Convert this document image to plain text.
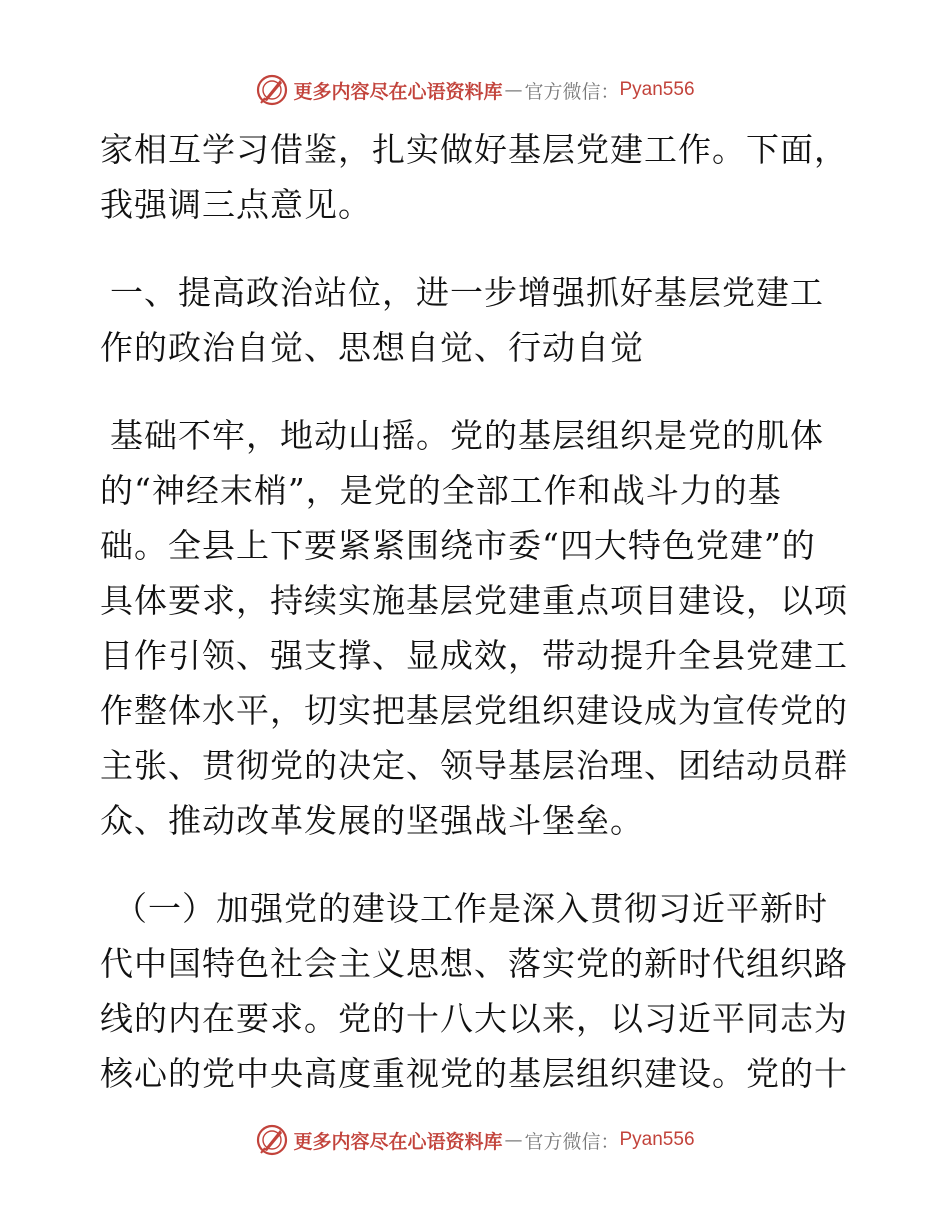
更多内容尽在心语资料库 — 官方微信： Pyan556
家相互学习借鉴，扎实做好基层党建工作。下面，
我强调三点意见。
一、提高政治站位，进一步增强抓好基层党建工
作的政治自觉、思想自觉、行动自觉
基础不牢，地动山摇。党的基层组织是党的肌体
的“神经末梢”，是党的全部工作和战斗力的基
础。全县上下要紧紧围绕市委“四大特色党建”的
具体要求，持续实施基层党建重点项目建设，以项
目作引领、强支撑、显成效，带动提升全县党建工
作整体水平，切实把基层党组织建设成为宣传党的
主张、贯彻党的决定、领导基层治理、团结动员群
众、推动改革发展的坚强战斗堡垒。
（一）加强党的建设工作是深入贯彻习近平新时
代中国特色社会主义思想、落实党的新时代组织路
线的内在要求。党的十八大以来，以习近平同志为
核心的党中央高度重视党的基层组织建设。党的十
更多内容尽在心语资料库 — 官方微信： Pyan556
